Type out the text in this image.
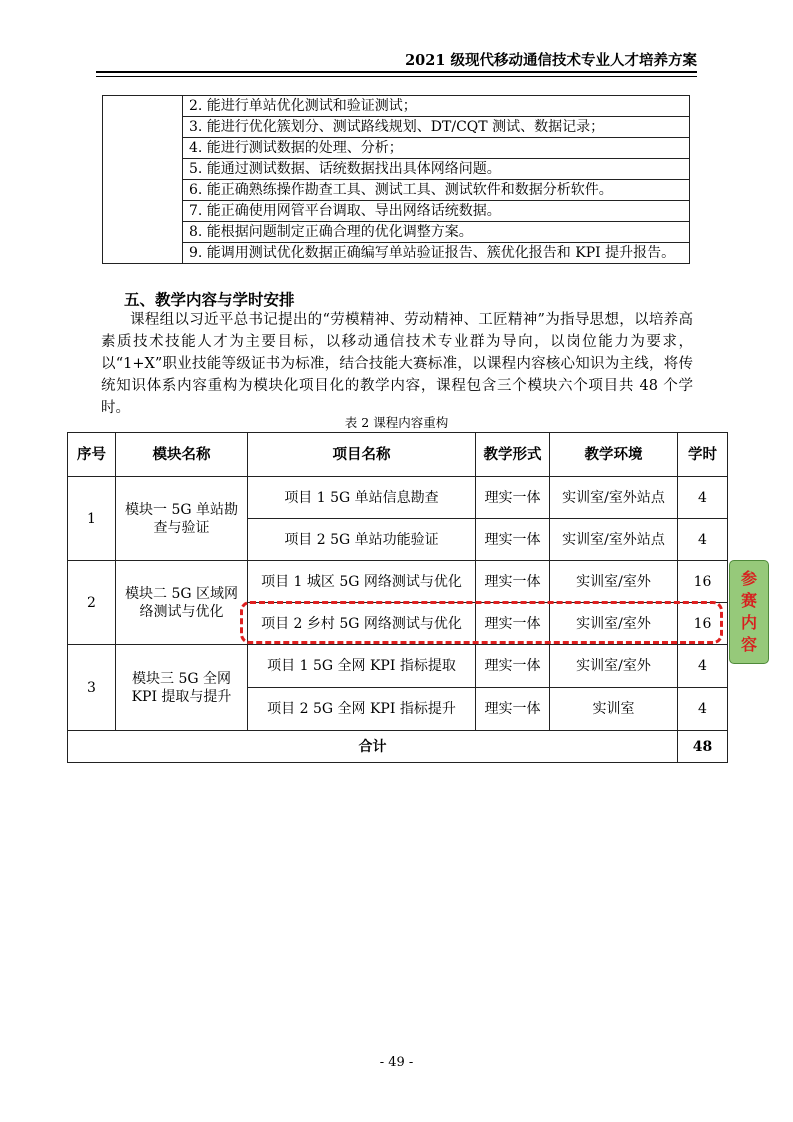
2021 级现代移动通信技术专业人才培养方案
	2. 能进行单站优化测试和验证测试；
3. 能进行优化簇划分、测试路线规划、DT/CQT 测试、数据记录；
4. 能进行测试数据的处理、分析；
5. 能通过测试数据、话统数据找出具体网络问题。
6. 能正确熟练操作勘查工具、测试工具、测试软件和数据分析软件。
7. 能正确使用网管平台调取、导出网络话统数据。
8. 能根据问题制定正确合理的优化调整方案。
9. 能调用测试优化数据正确编写单站验证报告、簇优化报告和 KPI 提升报告。
五、教学内容与学时安排
课程组以习近平总书记提出的“劳模精神、劳动精神、工匠精神”为指导思想，以培养高素质技术技能人才为主要目标，以移动通信技术专业群为导向，以岗位能力为要求，以“1+X”职业技能等级证书为标准，结合技能大赛标准，以课程内容核心知识为主线，将传统知识体系内容重构为模块化项目化的教学内容，课程包含三个模块六个项目共 48 个学时。
表 2 课程内容重构
序号	模块名称	项目名称	教学形式	教学环境	学时
1	模块一 5G 单站勘查与验证	项目 1 5G 单站信息勘查	理实一体	实训室/室外站点	4
		项目 2 5G 单站功能验证	理实一体	实训室/室外站点	4
2	模块二 5G 区域网络测试与优化	项目 1 城区 5G 网络测试与优化	理实一体	实训室/室外	16
		项目 2 乡村 5G 网络测试与优化	理实一体	实训室/室外	16
3	模块三 5G 全网 KPI 提取与提升	项目 1 5G 全网 KPI 指标提取	理实一体	实训室/室外	4
		项目 2 5G 全网 KPI 指标提升	理实一体	实训室	4
合计					48
参赛内容
- 49 -
